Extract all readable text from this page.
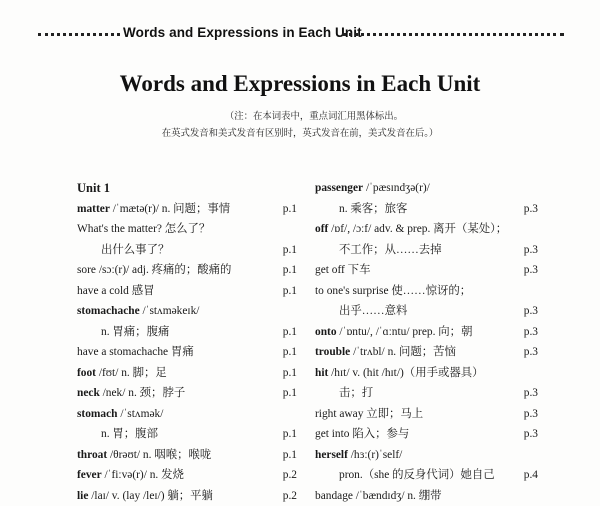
Words and Expressions in Each Unit
Words and Expressions in Each Unit
（注：在本词表中，重点词汇用黑体标出。
在英式发音和美式发音有区别时，英式发音在前，美式发音在后。）
Unit 1
matter /ˈmætə(r)/ n. 问题；事情	p.1
What's the matter? 怎么了？
出什么事了？	p.1
sore /sɔː(r)/ adj. 疼痛的；酸痛的	p.1
have a cold 感冒	p.1
stomachache /ˈstʌməkeɪk/
n. 胃痛；腹痛	p.1
have a stomachache 胃痛	p.1
foot /fʊt/ n. 脚；足	p.1
neck /nek/ n. 颈；脖子	p.1
stomach /ˈstʌmək/
n. 胃；腹部	p.1
throat /θrəʊt/ n. 咽喉；喉咙	p.1
fever /ˈfiːvə(r)/ n. 发烧	p.2
lie /laɪ/ v. (lay /leɪ/) 躺；平躺	p.2
passenger /ˈpæsɪndʒə(r)/
n. 乘客；旅客	p.3
off /ɒf/, /ɔːf/ adv. & prep. 离开（某处）；
不工作；从……去掉	p.3
get off 下车	p.3
to one's surprise 使……惊讶的；
出乎……意料	p.3
onto /ˈɒntu/, /ˈɑːntu/ prep. 向；朝	p.3
trouble /ˈtrʌbl/ n. 问题；苦恼	p.3
hit /hɪt/ v. (hit /hɪt/)（用手或器具）
击；打	p.3
right away 立即；马上	p.3
get into 陷入；参与	p.3
herself /hɜː(r)ˈself/
pron.（she 的反身代词）她自己	p.4
bandage /ˈbændɪdʒ/ n. 绷带
